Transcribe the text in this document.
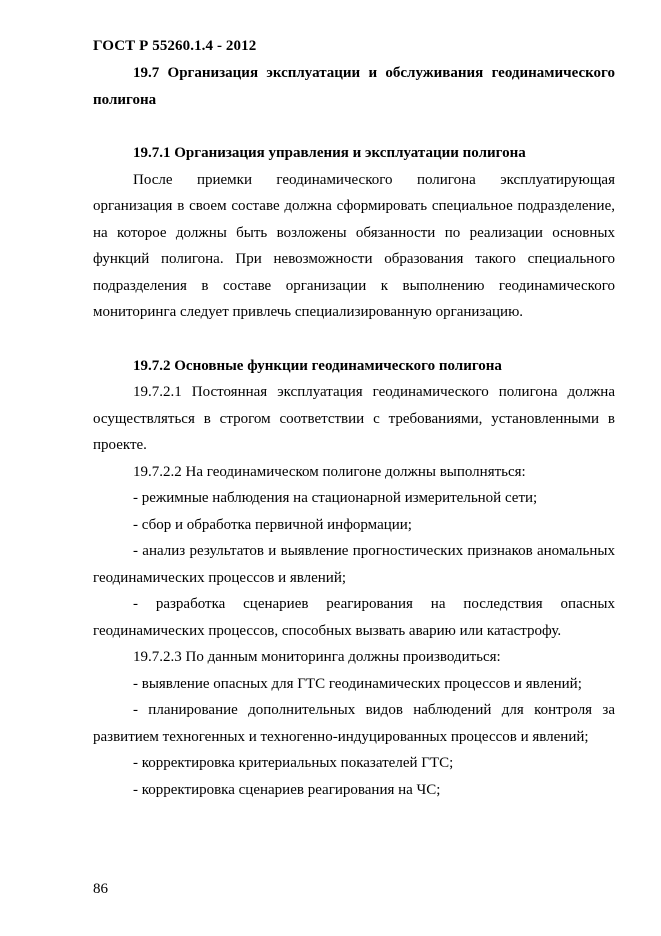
ГОСТ Р 55260.1.4 - 2012

19.7 Организация эксплуатации и обслуживания геодинамического полигона

19.7.1 Организация управления и эксплуатации полигона

После приемки геодинамического полигона эксплуатирующая организация в своем составе должна сформировать специальное подразделение, на которое должны быть возложены обязанности по реализации основных функций полигона. При невозможности образования такого специального подразделения в составе организации к выполнению геодинамического мониторинга следует привлечь специализированную организацию.

19.7.2 Основные функции геодинамического полигона

19.7.2.1 Постоянная эксплуатация геодинамического полигона должна осуществляться в строгом соответствии с требованиями, установленными в проекте.

19.7.2.2 На геодинамическом полигоне должны выполняться:

- режимные наблюдения на стационарной измерительной сети;

- сбор и обработка первичной информации;

- анализ результатов и выявление прогностических признаков аномальных геодинамических процессов и явлений;

- разработка сценариев реагирования на последствия опасных геодинамических процессов, способных вызвать аварию или катастрофу.

19.7.2.3 По данным мониторинга должны производиться:

- выявление опасных для ГТС геодинамических процессов и явлений;

- планирование дополнительных видов наблюдений для контроля за развитием техногенных и техногенно-индуцированных процессов и явлений;

- корректировка критериальных показателей ГТС;

- корректировка сценариев реагирования на ЧС;

86
